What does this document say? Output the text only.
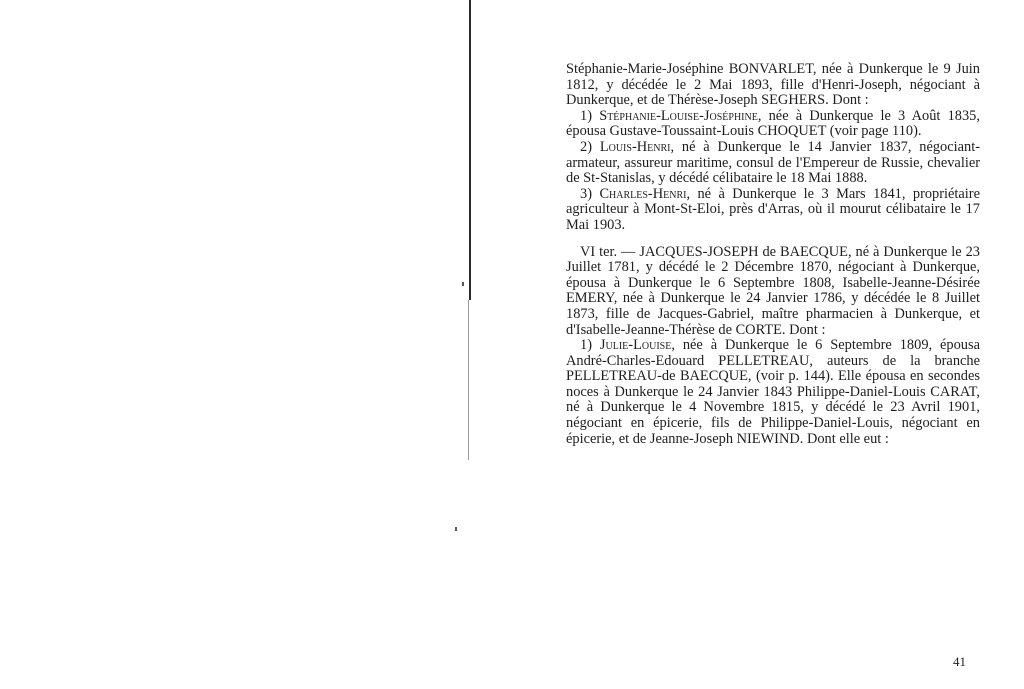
Stéphanie-Marie-Joséphine BONVARLET, née à Dunkerque le 9 Juin 1812, y décédée le 2 Mai 1893, fille d'Henri-Joseph, négociant à Dunkerque, et de Thérèse-Joseph SEGHERS. Dont :

1) Stéphanie-Louise-Joséphine, née à Dunkerque le 3 Août 1835, épousa Gustave-Toussaint-Louis CHOQUET (voir page 110).

2) Louis-Henri, né à Dunkerque le 14 Janvier 1837, négociant-armateur, assureur maritime, consul de l'Empereur de Russie, chevalier de St-Stanislas, y décédé célibataire le 18 Mai 1888.

3) Charles-Henri, né à Dunkerque le 3 Mars 1841, propriétaire agriculteur à Mont-St-Eloi, près d'Arras, où il mourut célibataire le 17 Mai 1903.

VI ter. — JACQUES-JOSEPH de BAECQUE, né à Dunkerque le 23 Juillet 1781, y décédé le 2 Décembre 1870, négociant à Dunkerque, épousa à Dunkerque le 6 Septembre 1808, Isabelle-Jeanne-Désirée EMERY, née à Dunkerque le 24 Janvier 1786, y décédée le 8 Juillet 1873, fille de Jacques-Gabriel, maître pharmacien à Dunkerque, et d'Isabelle-Jeanne-Thérèse de CORTE. Dont :

1) Julie-Louise, née à Dunkerque le 6 Septembre 1809, épousa André-Charles-Edouard PELLETREAU, auteurs de la branche PELLETREAU-de BAECQUE, (voir p. 144). Elle épousa en secondes noces à Dunkerque le 24 Janvier 1843 Philippe-Daniel-Louis CARAT, né à Dunkerque le 4 Novembre 1815, y décédé le 23 Avril 1901, négociant en épicerie, fils de Philippe-Daniel-Louis, négociant en épicerie, et de Jeanne-Joseph NIEWIND. Dont elle eut :

41
